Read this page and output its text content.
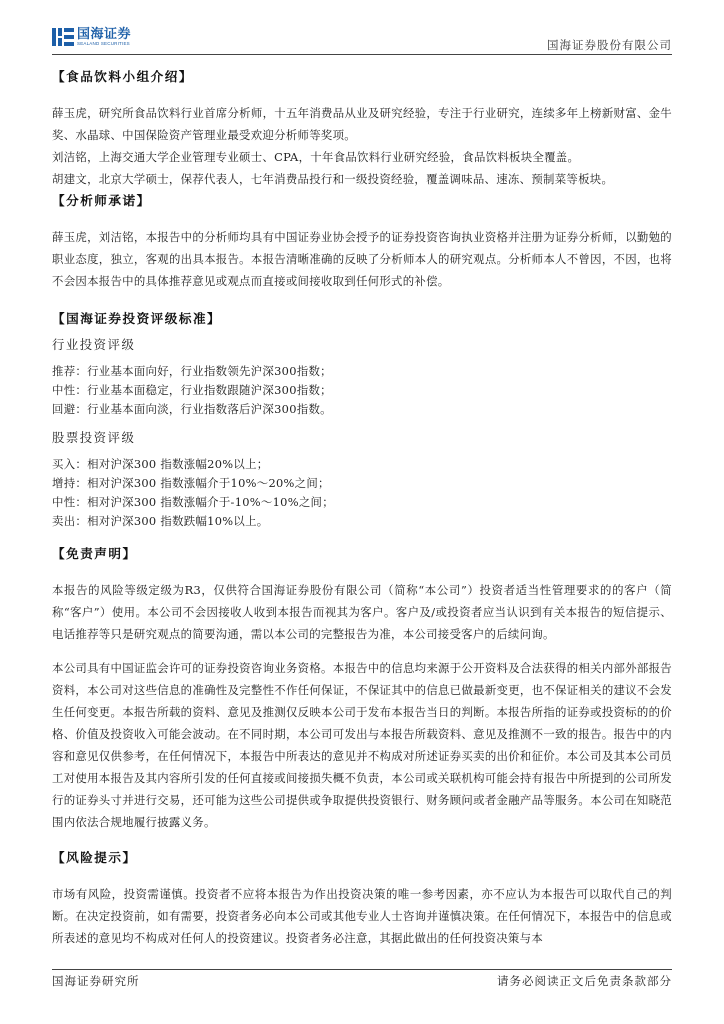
国海证券
SEALAND SECURITIES	国海证券股份有限公司
【食品饮料小组介绍】
薛玉虎，研究所食品饮料行业首席分析师，十五年消费品从业及研究经验，专注于行业研究，连续多年上榜新财富、金牛奖、水晶球、中国保险资产管理业最受欢迎分析师等奖项。
刘洁铭，上海交通大学企业管理专业硕士、CPA，十年食品饮料行业研究经验，食品饮料板块全覆盖。
胡建文，北京大学硕士，保荐代表人，七年消费品投行和一级投资经验，覆盖调味品、速冻、预制菜等板块。
【分析师承诺】
薛玉虎，刘洁铭，本报告中的分析师均具有中国证券业协会授予的证券投资咨询执业资格并注册为证券分析师，以勤勉的职业态度，独立，客观的出具本报告。本报告清晰准确的反映了分析师本人的研究观点。分析师本人不曾因，不因，也将不会因本报告中的具体推荐意见或观点而直接或间接收取到任何形式的补偿。
【国海证券投资评级标准】
行业投资评级
推荐：行业基本面向好，行业指数领先沪深300指数；
中性：行业基本面稳定，行业指数跟随沪深300指数；
回避：行业基本面向淡，行业指数落后沪深300指数。
股票投资评级
买入：相对沪深300 指数涨幅20%以上；
增持：相对沪深300 指数涨幅介于10%～20%之间；
中性：相对沪深300 指数涨幅介于-10%～10%之间；
卖出：相对沪深300 指数跌幅10%以上。
【免责声明】
本报告的风险等级定级为R3，仅供符合国海证券股份有限公司（简称“本公司”）投资者适当性管理要求的的客户（简称“客户”）使用。本公司不会因接收人收到本报告而视其为客户。客户及/或投资者应当认识到有关本报告的短信提示、电话推荐等只是研究观点的简要沟通，需以本公司的完整报告为准，本公司接受客户的后续问询。
本公司具有中国证监会许可的证券投资咨询业务资格。本报告中的信息均来源于公开资料及合法获得的相关内部外部报告资料，本公司对这些信息的准确性及完整性不作任何保证，不保证其中的信息已做最新变更，也不保证相关的建议不会发生任何变更。本报告所载的资料、意见及推测仅反映本公司于发布本报告当日的判断。本报告所指的证券或投资标的的价格、价值及投资收入可能会波动。在不同时期，本公司可发出与本报告所载资料、意见及推测不一致的报告。报告中的内容和意见仅供参考，在任何情况下，本报告中所表达的意见并不构成对所述证券买卖的出价和征价。本公司及其本公司员工对使用本报告及其内容所引发的任何直接或间接损失概不负责，本公司或关联机构可能会持有报告中所提到的公司所发行的证券头寸并进行交易，还可能为这些公司提供或争取提供投资银行、财务顾问或者金融产品等服务。本公司在知晓范围内依法合规地履行披露义务。
【风险提示】
市场有风险，投资需谨慎。投资者不应将本报告为作出投资决策的唯一参考因素，亦不应认为本报告可以取代自己的判断。在决定投资前，如有需要，投资者务必向本公司或其他专业人士咨询并谨慎决策。在任何情况下，本报告中的信息或所表述的意见均不构成对任何人的投资建议。投资者务必注意，其据此做出的任何投资决策与本
国海证券研究所	请务必阅读正文后免责条款部分
